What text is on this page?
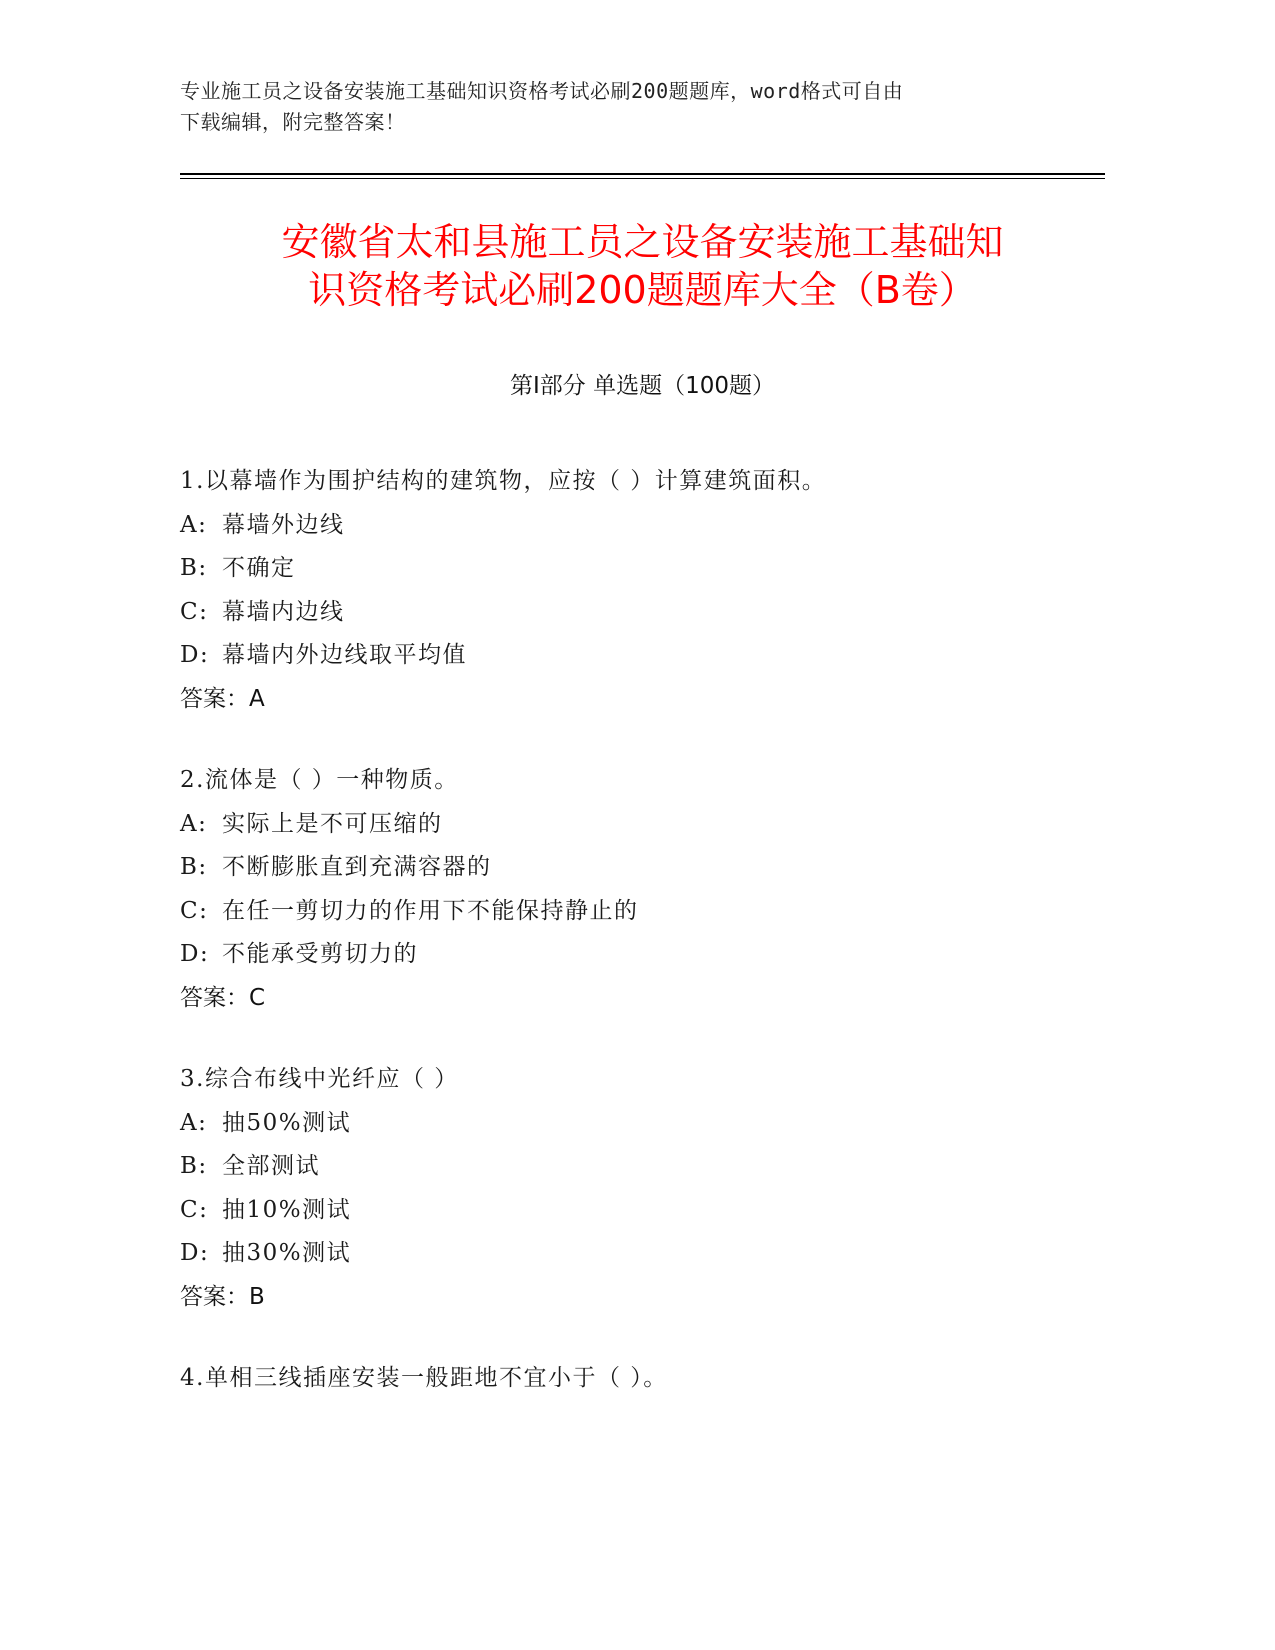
专业施工员之设备安装施工基础知识资格考试必刷200题题库，word格式可自由
下载编辑，附完整答案！
安徽省太和县施工员之设备安装施工基础知
识资格考试必刷200题题库大全（B卷）
第Ⅰ部分 单选题（100题）
1.以幕墙作为围护结构的建筑物，应按（ ）计算建筑面积。
A: 幕墙外边线
B: 不确定
C: 幕墙内边线
D: 幕墙内外边线取平均值
答案：A
2.流体是（ ）一种物质。
A: 实际上是不可压缩的
B: 不断膨胀直到充满容器的
C: 在任一剪切力的作用下不能保持静止的
D: 不能承受剪切力的
答案：C
3.综合布线中光纤应（ ）
A: 抽50%测试
B: 全部测试
C: 抽10%测试
D: 抽30%测试
答案：B
4.单相三线插座安装一般距地不宜小于（ ）。
